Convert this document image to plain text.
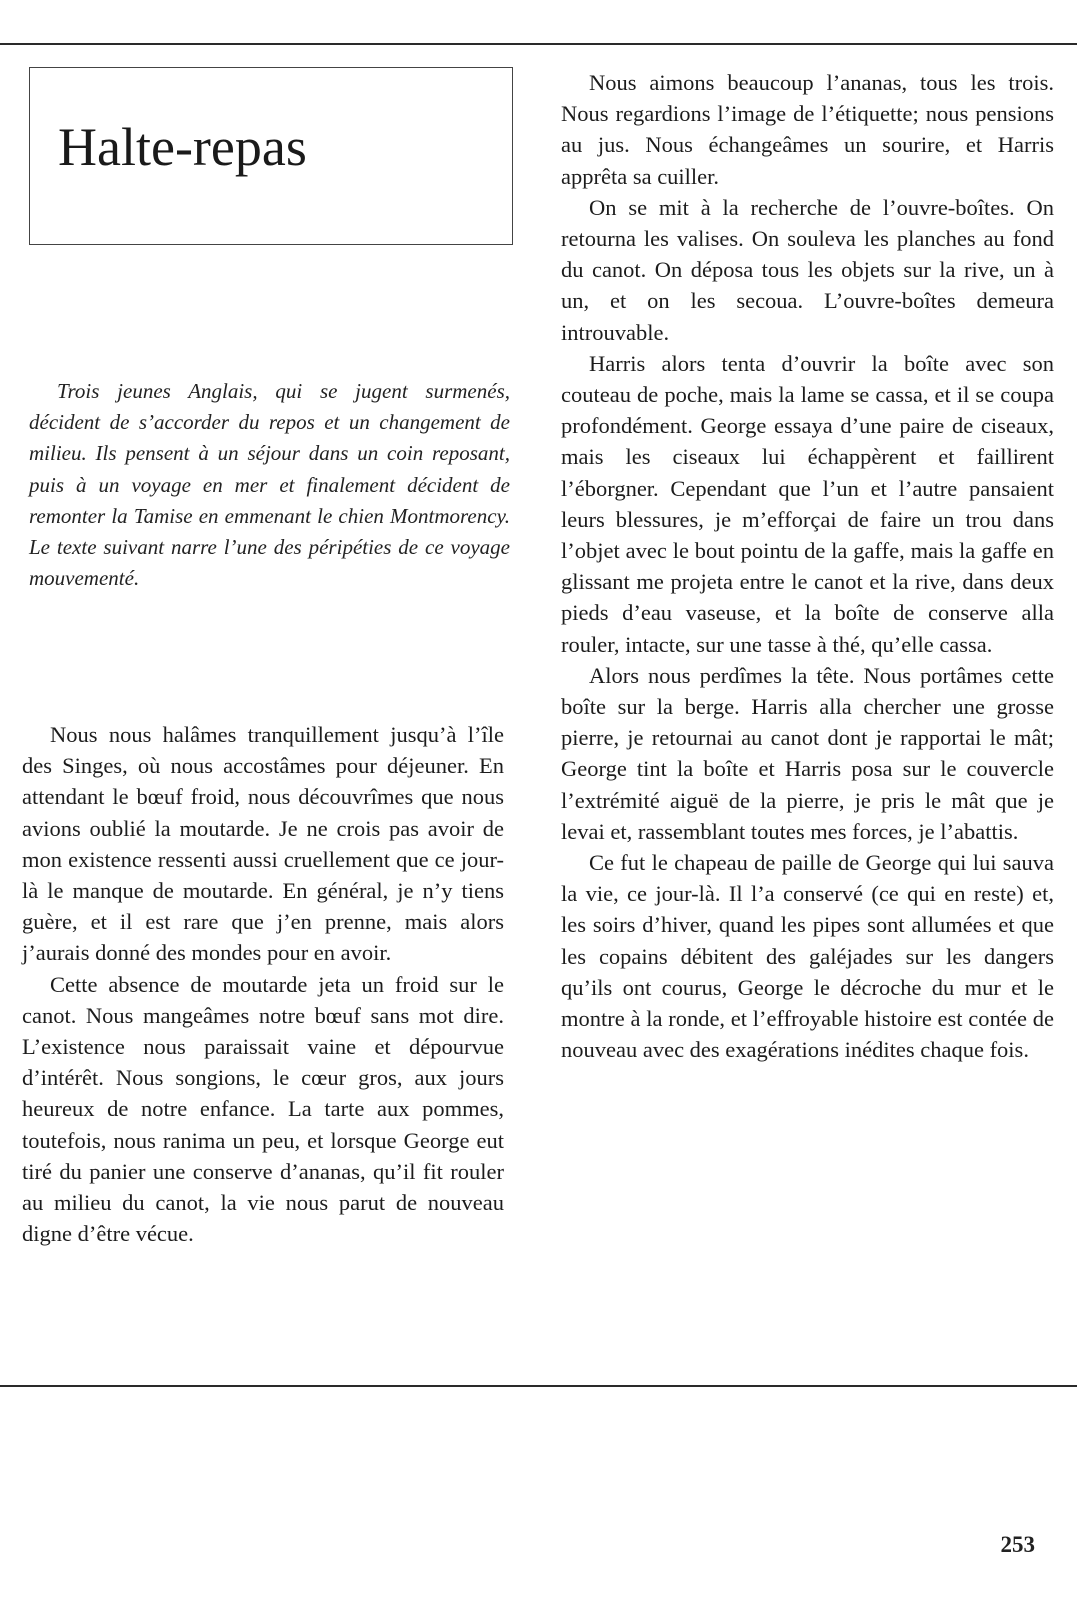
Halte-repas

Trois jeunes Anglais, qui se jugent surmenés, décident de s’accorder du repos et un changement de milieu. Ils pensent à un séjour dans un coin reposant, puis à un voyage en mer et finalement décident de remonter la Tamise en emmenant le chien Montmorency. Le texte suivant narre l’une des péripéties de ce voyage mouvementé.

Nous nous halâmes tranquillement jusqu’à l’île des Singes, où nous accostâmes pour déjeuner. En attendant le bœuf froid, nous découvrîmes que nous avions oublié la moutarde. Je ne crois pas avoir de mon existence ressenti aussi cruellement que ce jour-là le manque de moutarde. En général, je n’y tiens guère, et il est rare que j’en prenne, mais alors j’aurais donné des mondes pour en avoir.

Cette absence de moutarde jeta un froid sur le canot. Nous mangeâmes notre bœuf sans mot dire. L’existence nous paraissait vaine et dépourvue d’intérêt. Nous songions, le cœur gros, aux jours heureux de notre enfance. La tarte aux pommes, toutefois, nous ranima un peu, et lorsque George eut tiré du panier une conserve d’ananas, qu’il fit rouler au milieu du canot, la vie nous parut de nouveau digne d’être vécue.

Nous aimons beaucoup l’ananas, tous les trois. Nous regardions l’image de l’étiquette; nous pensions au jus. Nous échangeâmes un sourire, et Harris apprêta sa cuiller.

On se mit à la recherche de l’ouvre-boîtes. On retourna les valises. On souleva les planches au fond du canot. On déposa tous les objets sur la rive, un à un, et on les secoua. L’ouvre-boîtes demeura introuvable.

Harris alors tenta d’ouvrir la boîte avec son couteau de poche, mais la lame se cassa, et il se coupa profondément. George essaya d’une paire de ciseaux, mais les ciseaux lui échappèrent et faillirent l’éborgner. Cependant que l’un et l’autre pansaient leurs blessures, je m’efforçai de faire un trou dans l’objet avec le bout pointu de la gaffe, mais la gaffe en glissant me projeta entre le canot et la rive, dans deux pieds d’eau vaseuse, et la boîte de conserve alla rouler, intacte, sur une tasse à thé, qu’elle cassa.

Alors nous perdîmes la tête. Nous portâmes cette boîte sur la berge. Harris alla chercher une grosse pierre, je retournai au canot dont je rapportai le mât; George tint la boîte et Harris posa sur le couvercle l’extrémité aiguë de la pierre, je pris le mât que je levai et, rassemblant toutes mes forces, je l’abattis.

Ce fut le chapeau de paille de George qui lui sauva la vie, ce jour-là. Il l’a conservé (ce qui en reste) et, les soirs d’hiver, quand les pipes sont allumées et que les copains débitent des galéjades sur les dangers qu’ils ont courus, George le décroche du mur et le montre à la ronde, et l’effroyable histoire est contée de nouveau avec des exagérations inédites chaque fois.

253
